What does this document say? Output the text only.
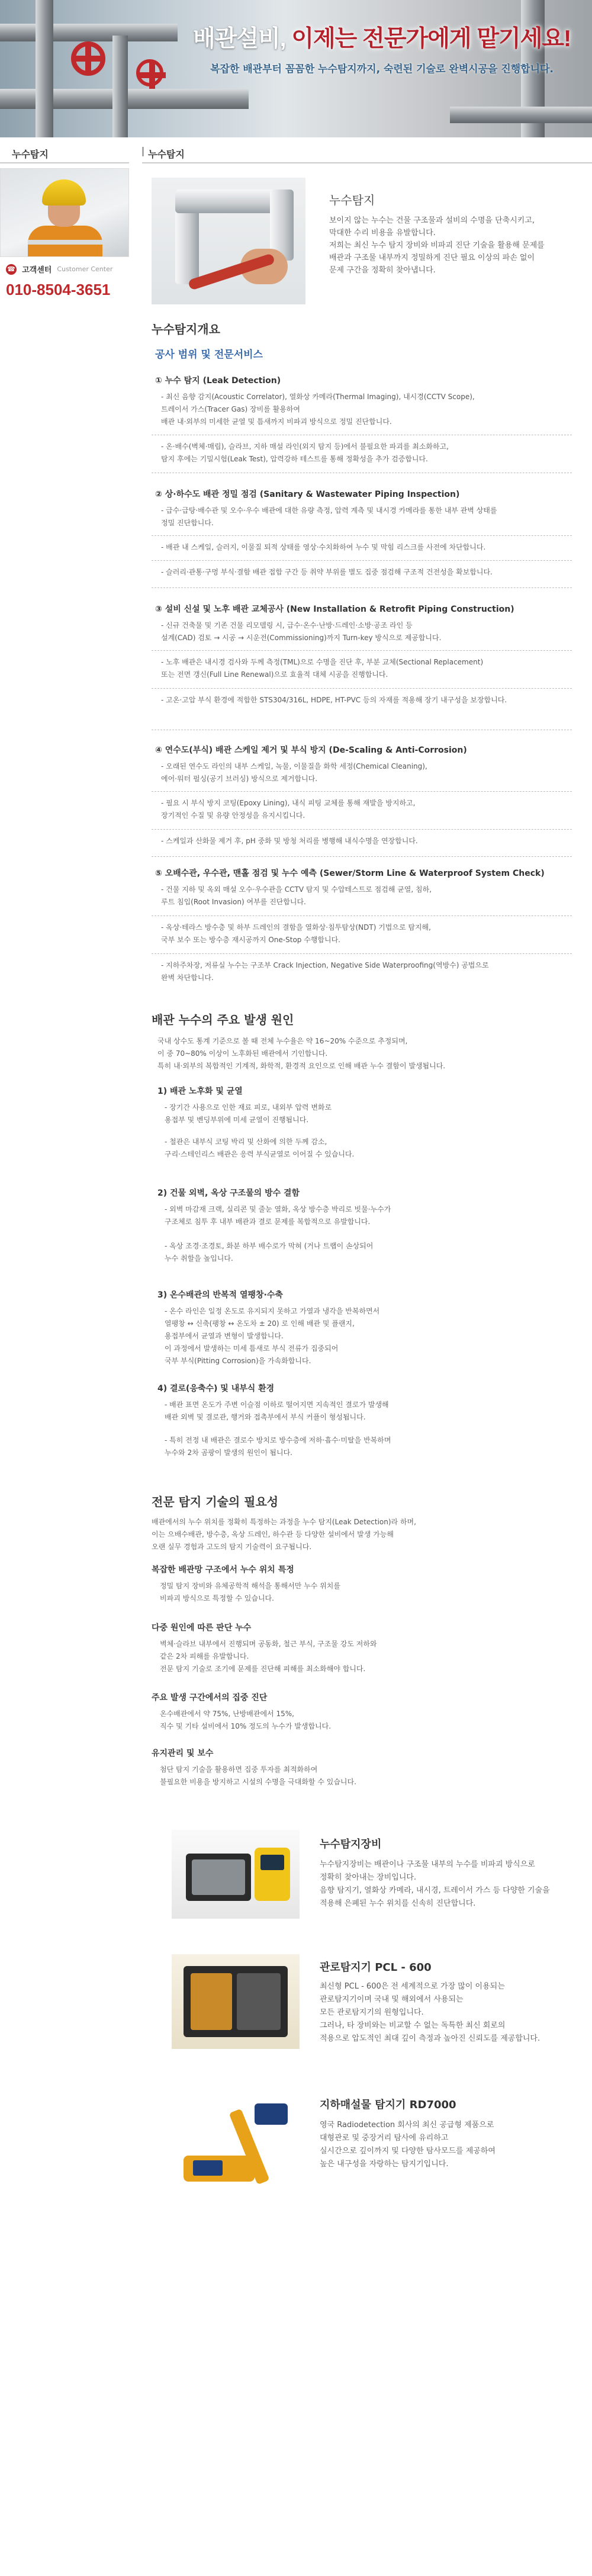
배관설비, 이제는 전문가에게 맡기세요!
복잡한 배관부터 꼼꼼한 누수탐지까지, 숙련된 기술로 완벽시공을 진행합니다.
누수탐지
☎ 고객센터 Customer Center
010-8504-3651
누수탐지
누수탐지
보이지 않는 누수는 건물 구조물과 설비의 수명을 단축시키고,
막대한 수리 비용을 유발합니다.
저희는 최신 누수 탐지 장비와 비파괴 진단 기술을 활용해 문제를
배관과 구조물 내부까지 정밀하게 진단 필요 이상의 파손 없이
문제 구간을 정확히 찾아냅니다.
누수탐지개요
공사 범위 및 전문서비스
① 누수 탐지 (Leak Detection)
- 최신 음향 감지(Acoustic Correlator), 열화상 카메라(Thermal Imaging), 내시경(CCTV Scope),
트레이서 가스(Tracer Gas) 장비를 활용하여
배관 내·외부의 미세한 균열 및 틈새까지 비파괴 방식으로 정밀 진단합니다.
- 온·배수(벽체·매립), 슬라브, 지하 매설 라인(외지 탐지 등)에서 불필요한 파괴를 최소화하고,
탐지 후에는 기밀시험(Leak Test), 압력강하 테스트를 통해 정확성을 추가 검증합니다.
② 상·하수도 배관 정밀 점검 (Sanitary & Wastewater Piping Inspection)
- 급수·급탕·배수관 및 오수·우수 배관에 대한 유량 측정, 압력 계측 및 내시경 카메라를 통한 내부 관벽 상태를
정밀 진단합니다.
- 배관 내 스케일, 슬러지, 이물질 퇴적 상태를 영상·수치화하여 누수 및 막힘 리스크를 사전에 차단합니다.
- 슬러리·관통·구멍 부식·결함 배관 접합 구간 등 취약 부위를 별도 집중 점검해 구조적 건전성을 확보합니다.
③ 설비 신설 및 노후 배관 교체공사 (New Installation & Retrofit Piping Construction)
- 신규 건축물 및 기존 건물 리모델링 시, 급수·온수·난방·드레인·소방·공조 라인 등
설계(CAD) 검토 → 시공 → 시운전(Commissioning)까지 Turn-key 방식으로 제공합니다.
- 노후 배관은 내시경 검사와 두께 측정(TML)으로 수명을 진단 후, 부분 교체(Sectional Replacement)
또는 전면 갱신(Full Line Renewal)으로 효율적 대체 시공을 진행합니다.
- 고온·고압 부식 환경에 적합한 STS304/316L, HDPE, HT-PVC 등의 자재를 적용해 장기 내구성을 보장합니다.
④ 연수도(부식) 배관 스케일 제거 및 부식 방지 (De-Scaling & Anti-Corrosion)
- 오래된 연수도 라인의 내부 스케일, 녹물, 이물질을 화학 세정(Chemical Cleaning),
에어·워터 펄싱(공기 브러싱) 방식으로 제거합니다.
- 필요 시 부식 방지 코팅(Epoxy Lining), 내식 피팅 교체를 통해 재발을 방지하고,
장기적인 수질 및 유량 안정성을 유지시킵니다.
- 스케일과 산화물 제거 후, pH 중화 및 방청 처리를 병행해 내식수명을 연장합니다.
⑤ 오배수관, 우수관, 맨홀 점검 및 누수 예측 (Sewer/Storm Line & Waterproof System Check)
- 건물 지하 및 옥외 매설 오수·우수관을 CCTV 탐지 및 수압테스트로 점검해 균열, 침하,
루트 침입(Root Invasion) 여부를 진단합니다.
- 옥상·테라스 방수층 및 하부 드레인의 결함을 열화상·침투탐상(NDT) 기법으로 탐지해,
국부 보수 또는 방수층 재시공까지 One-Stop 수행합니다.
- 지하주차장, 저류실 누수는 구조부 Crack Injection, Negative Side Waterproofing(역방수) 공법으로
완벽 차단합니다.
배관 누수의 주요 발생 원인
국내 상수도 통계 기준으로 볼 때 전체 누수율은 약 16~20% 수준으로 추정되며,
이 중 70~80% 이상이 노후화된 배관에서 기인합니다.
특히 내·외부의 복합적인 기계적, 화학적, 환경적 요인으로 인해 배관 누수 결함이 발생됩니다.
1) 배관 노후화 및 균열
- 장기간 사용으로 인한 재료 피로, 내외부 압력 변화로
용접부 및 벤딩부위에 미세 균열이 진행됩니다.
- 철관은 내부식 코팅 박리 및 산화에 의한 두께 감소,
구리·스테인리스 배관은 응력 부식균열로 이어질 수 있습니다.
2) 건물 외벽, 옥상 구조물의 방수 결함
- 외벽 마감재 크랙, 실리콘 및 줄눈 열화, 옥상 방수층 박리로 빗물·누수가
구조체로 침투 후 내부 배관과 결로 문제를 복합적으로 유발합니다.
- 옥상 조경·조경토, 화분 하부 배수로가 막혀 (거나 트랩이 손상되어
누수 취할을 높입니다.
3) 온수배관의 반복적 열팽창·수축
- 온수 라인은 일정 온도로 유지되지 못하고 가열과 냉각을 반복하면서
열팽창 ↔ 신축(팽창 ↔ 온도차 ± 20) 로 인해 배관 및 플랜지,
용접부에서 균열과 변형이 발생합니다.
이 과정에서 발생하는 미세 틈새로 부식 전류가 집중되어
국부 부식(Pitting Corrosion)을 가속화합니다.
4) 결로(응축수) 및 내부식 환경
- 배관 표면 온도가 주변 이슬점 이하로 떨어지면 지속적인 결로가 발생해
배관 외벽 및 결로관, 행거와 접촉부에서 부식 커플이 형성됩니다.
- 특히 전정 내 배관은 결로수 방치로 방수층에 저하·흡수·미탈을 반복하며
누수와 2차 곰팡이 발생의 원인이 됩니다.
전문 탐지 기술의 필요성
배관에서의 누수 위치를 정확히 특정하는 과정을 누수 탐지(Leak Detection)라 하며,
이는 으배수배관, 방수층, 옥상 드레인, 하수관 등 다양한 설비에서 발생 가능해
오랜 실무 경험과 고도의 탐지 기술력이 요구됩니다.
복잡한 배관망 구조에서 누수 위치 특정
정밀 탐지 장비와 유체공학적 해석을 통해서만 누수 위치를
비파괴 방식으로 특정할 수 있습니다.
다중 원인에 따른 판단 누수
벽체·슬라브 내부에서 진행되며 공동화, 철근 부식, 구조물 강도 저하와
같은 2차 피해를 유발합니다.
전문 탐지 기술로 조기에 문제를 진단해 피해를 최소화해야 합니다.
주요 발생 구간에서의 집중 진단
온수배관에서 약 75%, 난방배관에서 15%,
직수 및 기타 설비에서 10% 정도의 누수가 발생합니다.
유지관리 및 보수
첨단 탐지 기술을 활용하면 집중 투자를 최적화하여
불필요한 비용을 방지하고 시설의 수명을 극대화할 수 있습니다.
누수탐지장비
누수탐지장비는 배관이나 구조물 내부의 누수를 비파괴 방식으로
정확히 찾아내는 장비입니다.
음향 탐지기, 열화상 카메라, 내시경, 트레이서 가스 등 다양한 기술을
적용해 은폐된 누수 위치를 신속히 진단합니다.
관로탐지기 PCL - 600
최신형 PCL - 600은 전 세계적으로 가장 많이 이용되는
관로탐지기이며 국내 및 해외에서 사용되는
모든 관로탐지기의 원형입니다.
그러나, 타 장비와는 비교할 수 없는 독특한 최신 회로의
적용으로 압도적인 최대 깊이 측정과 높아진 신뢰도를 제공합니다.
지하매설물 탐지기 RD7000
영국 Radiodetection 회사의 최신 공급형 제품으로
대형관로 및 중장거리 탐사에 유리하고
실시간으로 깊이까지 및 다양한 탐사모드를 제공하여
높은 내구성을 자랑하는 탐지기입니다.
